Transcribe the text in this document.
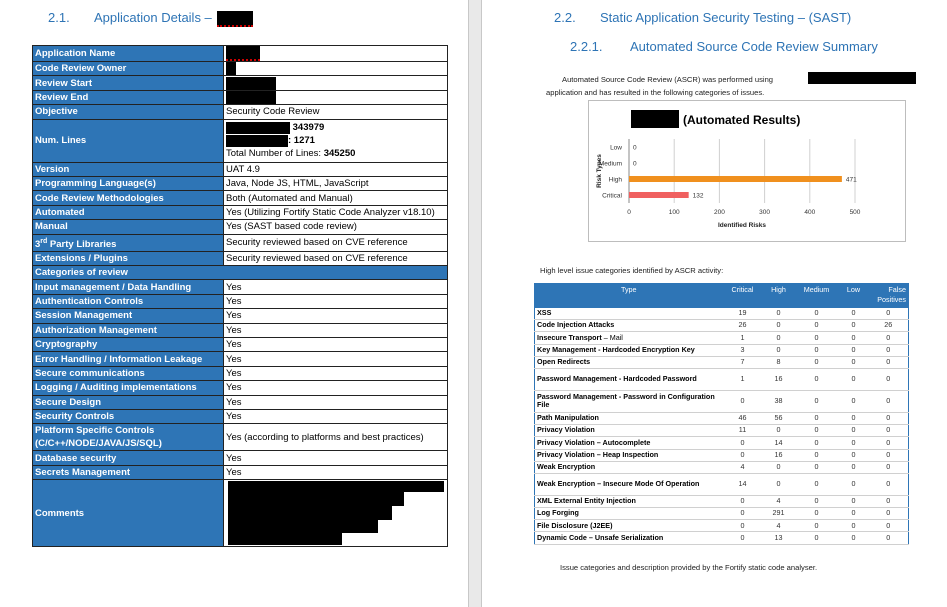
2.1. Application Details –
Application Name	
Code Review Owner	
Review Start	
Review End	
Objective	Security Code Review
Num. Lines	343979
: 1271
Total Number of Lines: 345250

Version	UAT 4.9
Programming Language(s)	Java, Node JS, HTML, JavaScript
Code Review Methodologies	Both (Automated and Manual)
Automated	Yes (Utilizing Fortify Static Code Analyzer v18.10)
Manual	Yes (SAST based code review)
3rd Party Libraries	Security reviewed based on CVE reference
Extensions / Plugins	Security reviewed based on CVE reference
Categories of review	
Input management / Data Handling	Yes
Authentication Controls	Yes
Session Management	Yes
Authorization Management	Yes
Cryptography	Yes
Error Handling / Information Leakage	Yes
Secure communications	Yes
Logging / Auditing implementations	Yes
Secure Design	Yes
Security Controls	Yes

Platform Specific Controls
(C/C++/NODE/JAVA/JS/SQL)	Yes (according to platforms and best practices)
Database security	Yes
Secrets Management	Yes
Comments	
2.2. Static Application Security Testing – (SAST)
2.2.1. Automated Source Code Review Summary
Automated Source Code Review (ASCR) was performed using
application and has resulted in the following categories of issues.
(Automated Results)
0	100	200	300	400	500
Low 0
Medium 0
High	471
Critical	132
Identified Risks
Risk Types
High level issue categories identified by ASCR activity:
Type	Critical	High	Medium	Low	False Positives
XSS	19	0	0	0	0
Code Injection Attacks	26	0	0	0	26
Insecure Transport – Mail	1	0	0	0	0
Key Management - Hardcoded Encryption Key	3	0	0	0	0
Open Redirects	7	8	0	0	0
Password Management - Hardcoded Password	1	16	0	0	0
Password Management - Password in Configuration File	0	38	0	0	0
Path Manipulation	46	56	0	0	0
Privacy Violation	11	0	0	0	0
Privacy Violation – Autocomplete	0	14	0	0	0
Privacy Violation – Heap Inspection	0	16	0	0	0
Weak Encryption	4	0	0	0	0
Weak Encryption – Insecure Mode Of Operation	14	0	0	0	0
XML External Entity Injection	0	4	0	0	0
Log Forging	0	291	0	0	0
File Disclosure (J2EE)	0	4	0	0	0
Dynamic Code – Unsafe Serialization	0	13	0	0	0
Issue categories and description provided by the Fortify static code analyser.
